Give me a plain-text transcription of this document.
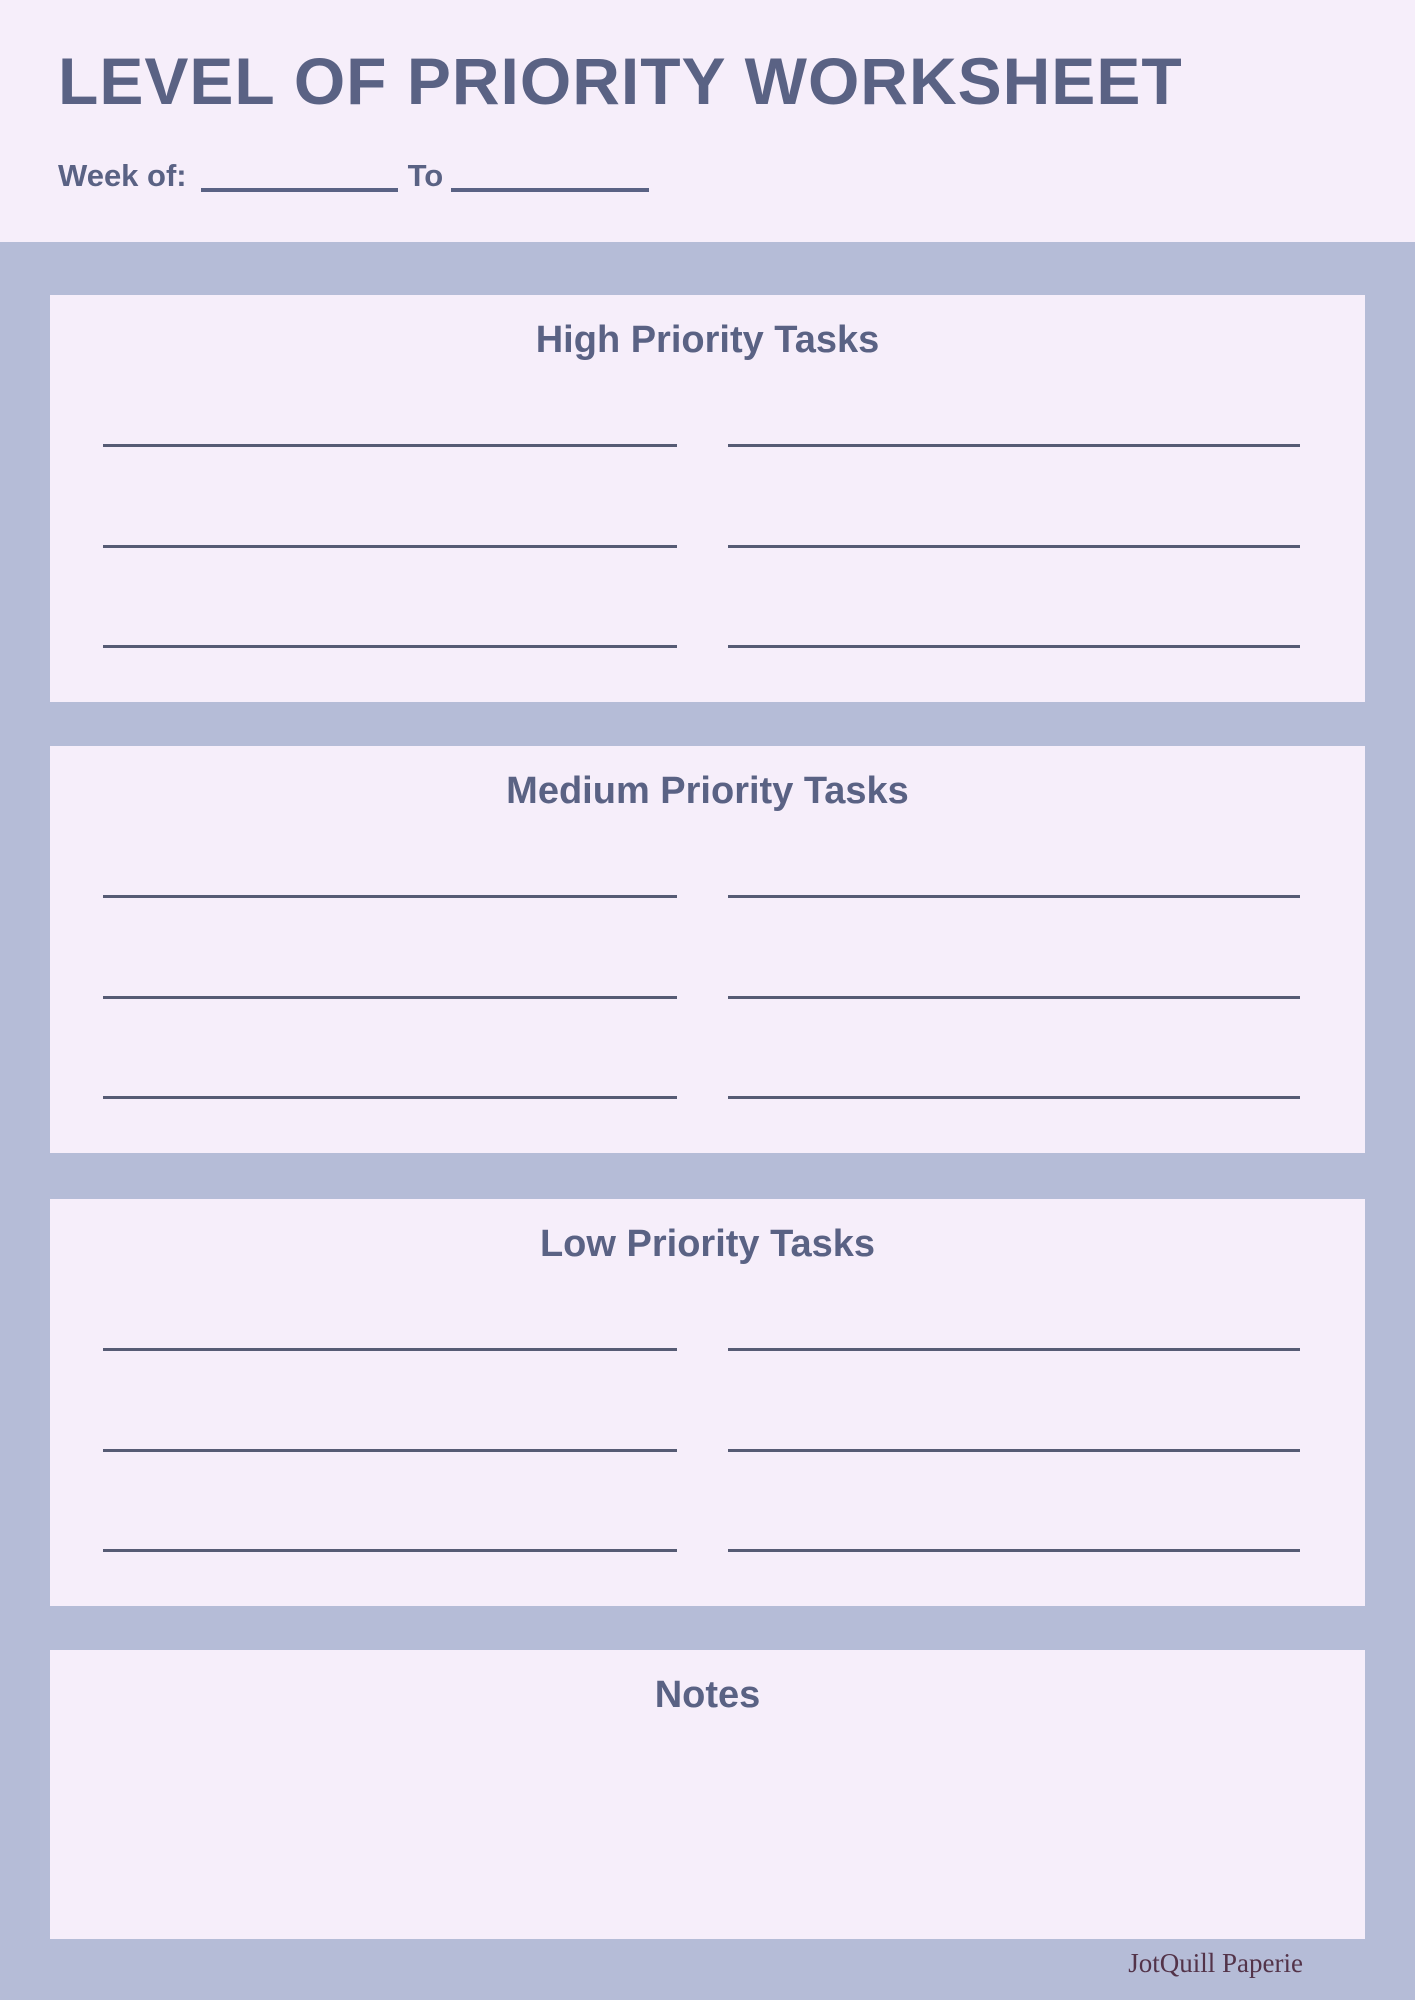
LEVEL OF PRIORITY WORKSHEET
Week of:	To
High Priority Tasks
Medium Priority Tasks
Low Priority Tasks
Notes
JotQuill Paperie
